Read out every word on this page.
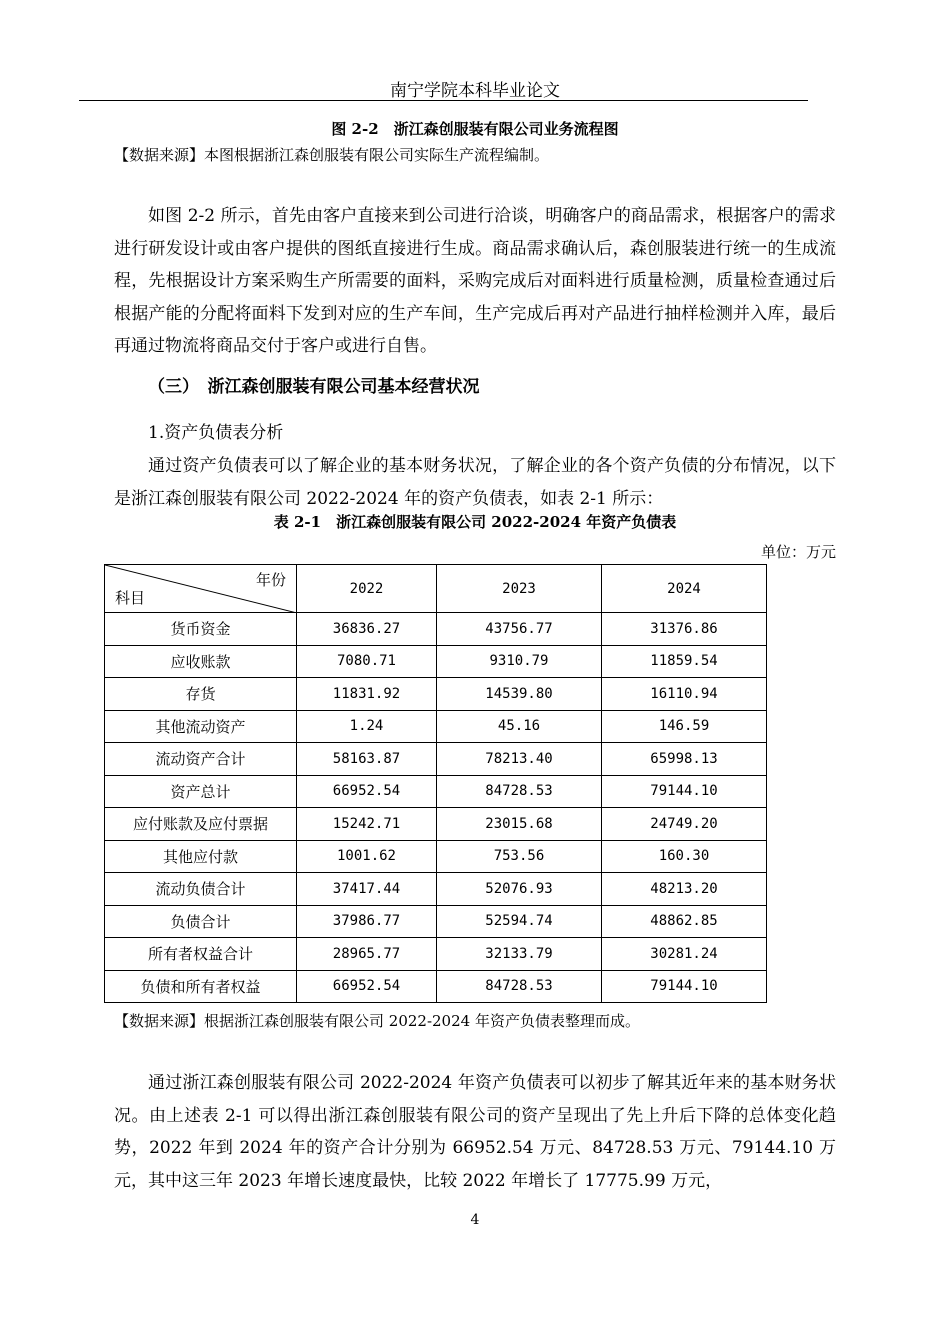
南宁学院本科毕业论文
图 2-2　浙江森创服装有限公司业务流程图
【数据来源】本图根据浙江森创服装有限公司实际生产流程编制。

如图 2-2 所示，首先由客户直接来到公司进行洽谈，明确客户的商品需求，根据客户的需求进行研发设计或由客户提供的图纸直接进行生成。商品需求确认后，森创服装进行统一的生成流程，先根据设计方案采购生产所需要的面料，采购完成后对面料进行质量检测，质量检查通过后根据产能的分配将面料下发到对应的生产车间，生产完成后再对产品进行抽样检测并入库，最后再通过物流将商品交付于客户或进行自售。

（三）　浙江森创服装有限公司基本经营状况
1.资产负债表分析

通过资产负债表可以了解企业的基本财务状况，了解企业的各个资产负债的分布情况，以下是浙江森创服装有限公司 2022-2024 年的资产负债表，如表 2-1 所示：

表 2-1　浙江森创服装有限公司 2022-2024 年资产负债表
单位：万元
年份
科目	2022	2023	2024
货币资金	36836.27	43756.77	31376.86
应收账款	7080.71	9310.79	11859.54
存货	11831.92	14539.80	16110.94
其他流动资产	1.24	45.16	146.59
流动资产合计	58163.87	78213.40	65998.13
资产总计	66952.54	84728.53	79144.10
应付账款及应付票据	15242.71	23015.68	24749.20
其他应付款	1001.62	753.56	160.30
流动负债合计	37417.44	52076.93	48213.20
负债合计	37986.77	52594.74	48862.85
所有者权益合计	28965.77	32133.79	30281.24
负债和所有者权益	66952.54	84728.53	79144.10
【数据来源】根据浙江森创服装有限公司 2022-2024 年资产负债表整理而成。

通过浙江森创服装有限公司 2022-2024 年资产负债表可以初步了解其近年来的基本财务状况。由上述表 2-1 可以得出浙江森创服装有限公司的资产呈现出了先上升后下降的总体变化趋势，2022 年到 2024 年的资产合计分别为 66952.54 万元、84728.53 万元、79144.10 万元，其中这三年 2023 年增长速度最快，比较 2022 年增长了 17775.99 万元，

4
